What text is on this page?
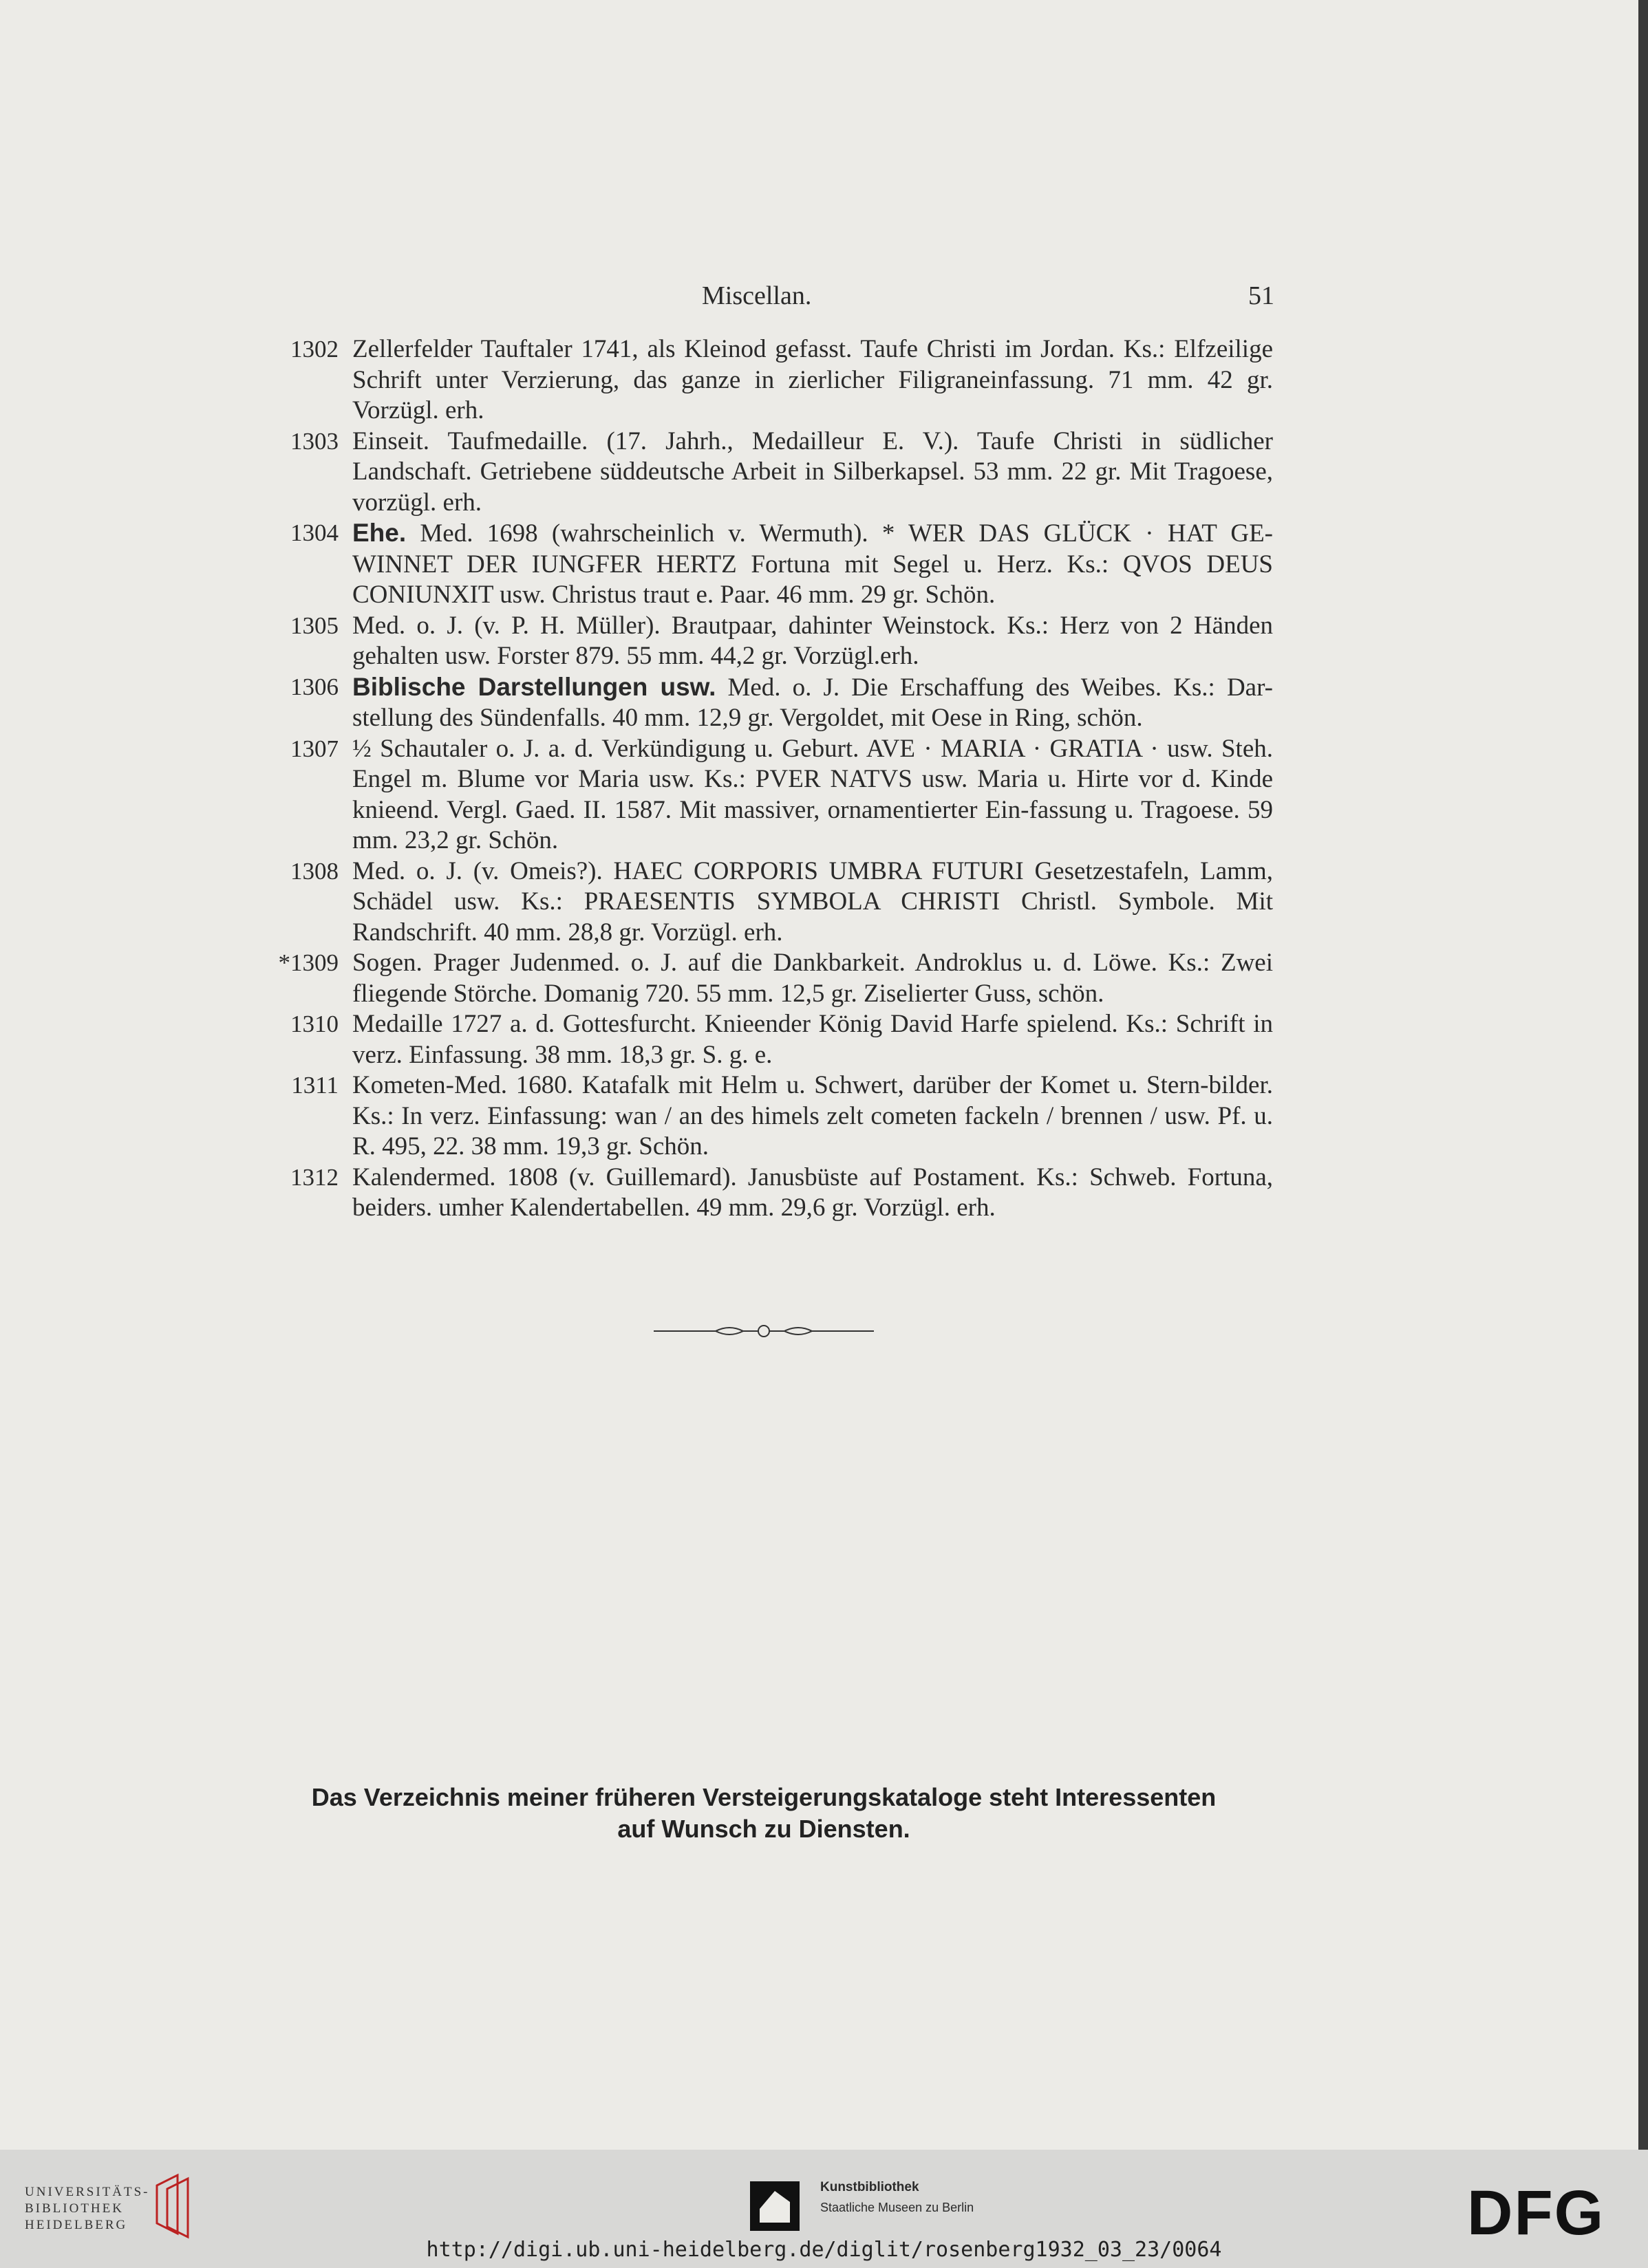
Miscellan.	51
1302 Zellerfelder Tauftaler 1741, als Kleinod gefasst. Taufe Christi im Jordan. Ks.: Elfzeilige Schrift unter Verzierung, das ganze in zierlicher Filigraneinfassung. 71 mm. 42 gr. Vorzügl. erh.
1303 Einseit. Taufmedaille. (17. Jahrh., Medailleur E. V.). Taufe Christi in südlicher Landschaft. Getriebene süddeutsche Arbeit in Silberkapsel. 53 mm. 22 gr. Mit Tragoese, vorzügl. erh.
1304 Ehe. Med. 1698 (wahrscheinlich v. Wermuth). * WER DAS GLÜCK · HAT GE-WINNET DER IUNGFER HERTZ Fortuna mit Segel u. Herz. Ks.: QVOS DEUS CONIUNXIT usw. Christus traut e. Paar. 46 mm. 29 gr. Schön.
1305 Med. o. J. (v. P. H. Müller). Brautpaar, dahinter Weinstock. Ks.: Herz von 2 Händen gehalten usw. Forster 879. 55 mm. 44,2 gr. Vorzügl.erh.
1306 Biblische Darstellungen usw. Med. o. J. Die Erschaffung des Weibes. Ks.: Dar-stellung des Sündenfalls. 40 mm. 12,9 gr. Vergoldet, mit Oese in Ring, schön.
1307 ½ Schautaler o. J. a. d. Verkündigung u. Geburt. AVE · MARIA · GRATIA · usw. Steh. Engel m. Blume vor Maria usw. Ks.: PVER NATVS usw. Maria u. Hirte vor d. Kinde knieend. Vergl. Gaed. II. 1587. Mit massiver, ornamentierter Ein-fassung u. Tragoese. 59 mm. 23,2 gr. Schön.
1308 Med. o. J. (v. Omeis?). HAEC CORPORIS UMBRA FUTURI Gesetzestafeln, Lamm, Schädel usw. Ks.: PRAESENTIS SYMBOLA CHRISTI Christl. Symbole. Mit Randschrift. 40 mm. 28,8 gr. Vorzügl. erh.
*1309 Sogen. Prager Judenmed. o. J. auf die Dankbarkeit. Androklus u. d. Löwe. Ks.: Zwei fliegende Störche. Domanig 720. 55 mm. 12,5 gr. Ziselierter Guss, schön.
1310 Medaille 1727 a. d. Gottesfurcht. Knieender König David Harfe spielend. Ks.: Schrift in verz. Einfassung. 38 mm. 18,3 gr. S. g. e.
1311 Kometen-Med. 1680. Katafalk mit Helm u. Schwert, darüber der Komet u. Stern-bilder. Ks.: In verz. Einfassung: wan / an des himels zelt cometen fackeln / brennen / usw. Pf. u. R. 495, 22. 38 mm. 19,3 gr. Schön.
1312 Kalendermed. 1808 (v. Guillemard). Janusbüste auf Postament. Ks.: Schweb. Fortuna, beiders. umher Kalendertabellen. 49 mm. 29,6 gr. Vorzügl. erh.
Das Verzeichnis meiner früheren Versteigerungskataloge steht Interessenten
auf Wunsch zu Diensten.
UNIVERSITÄTS-
BIBLIOTHEK
HEIDELBERG
Kunstbibliothek
Staatliche Museen zu Berlin	DFG
http://digi.ub.uni-heidelberg.de/diglit/rosenberg1932_03_23/0064
